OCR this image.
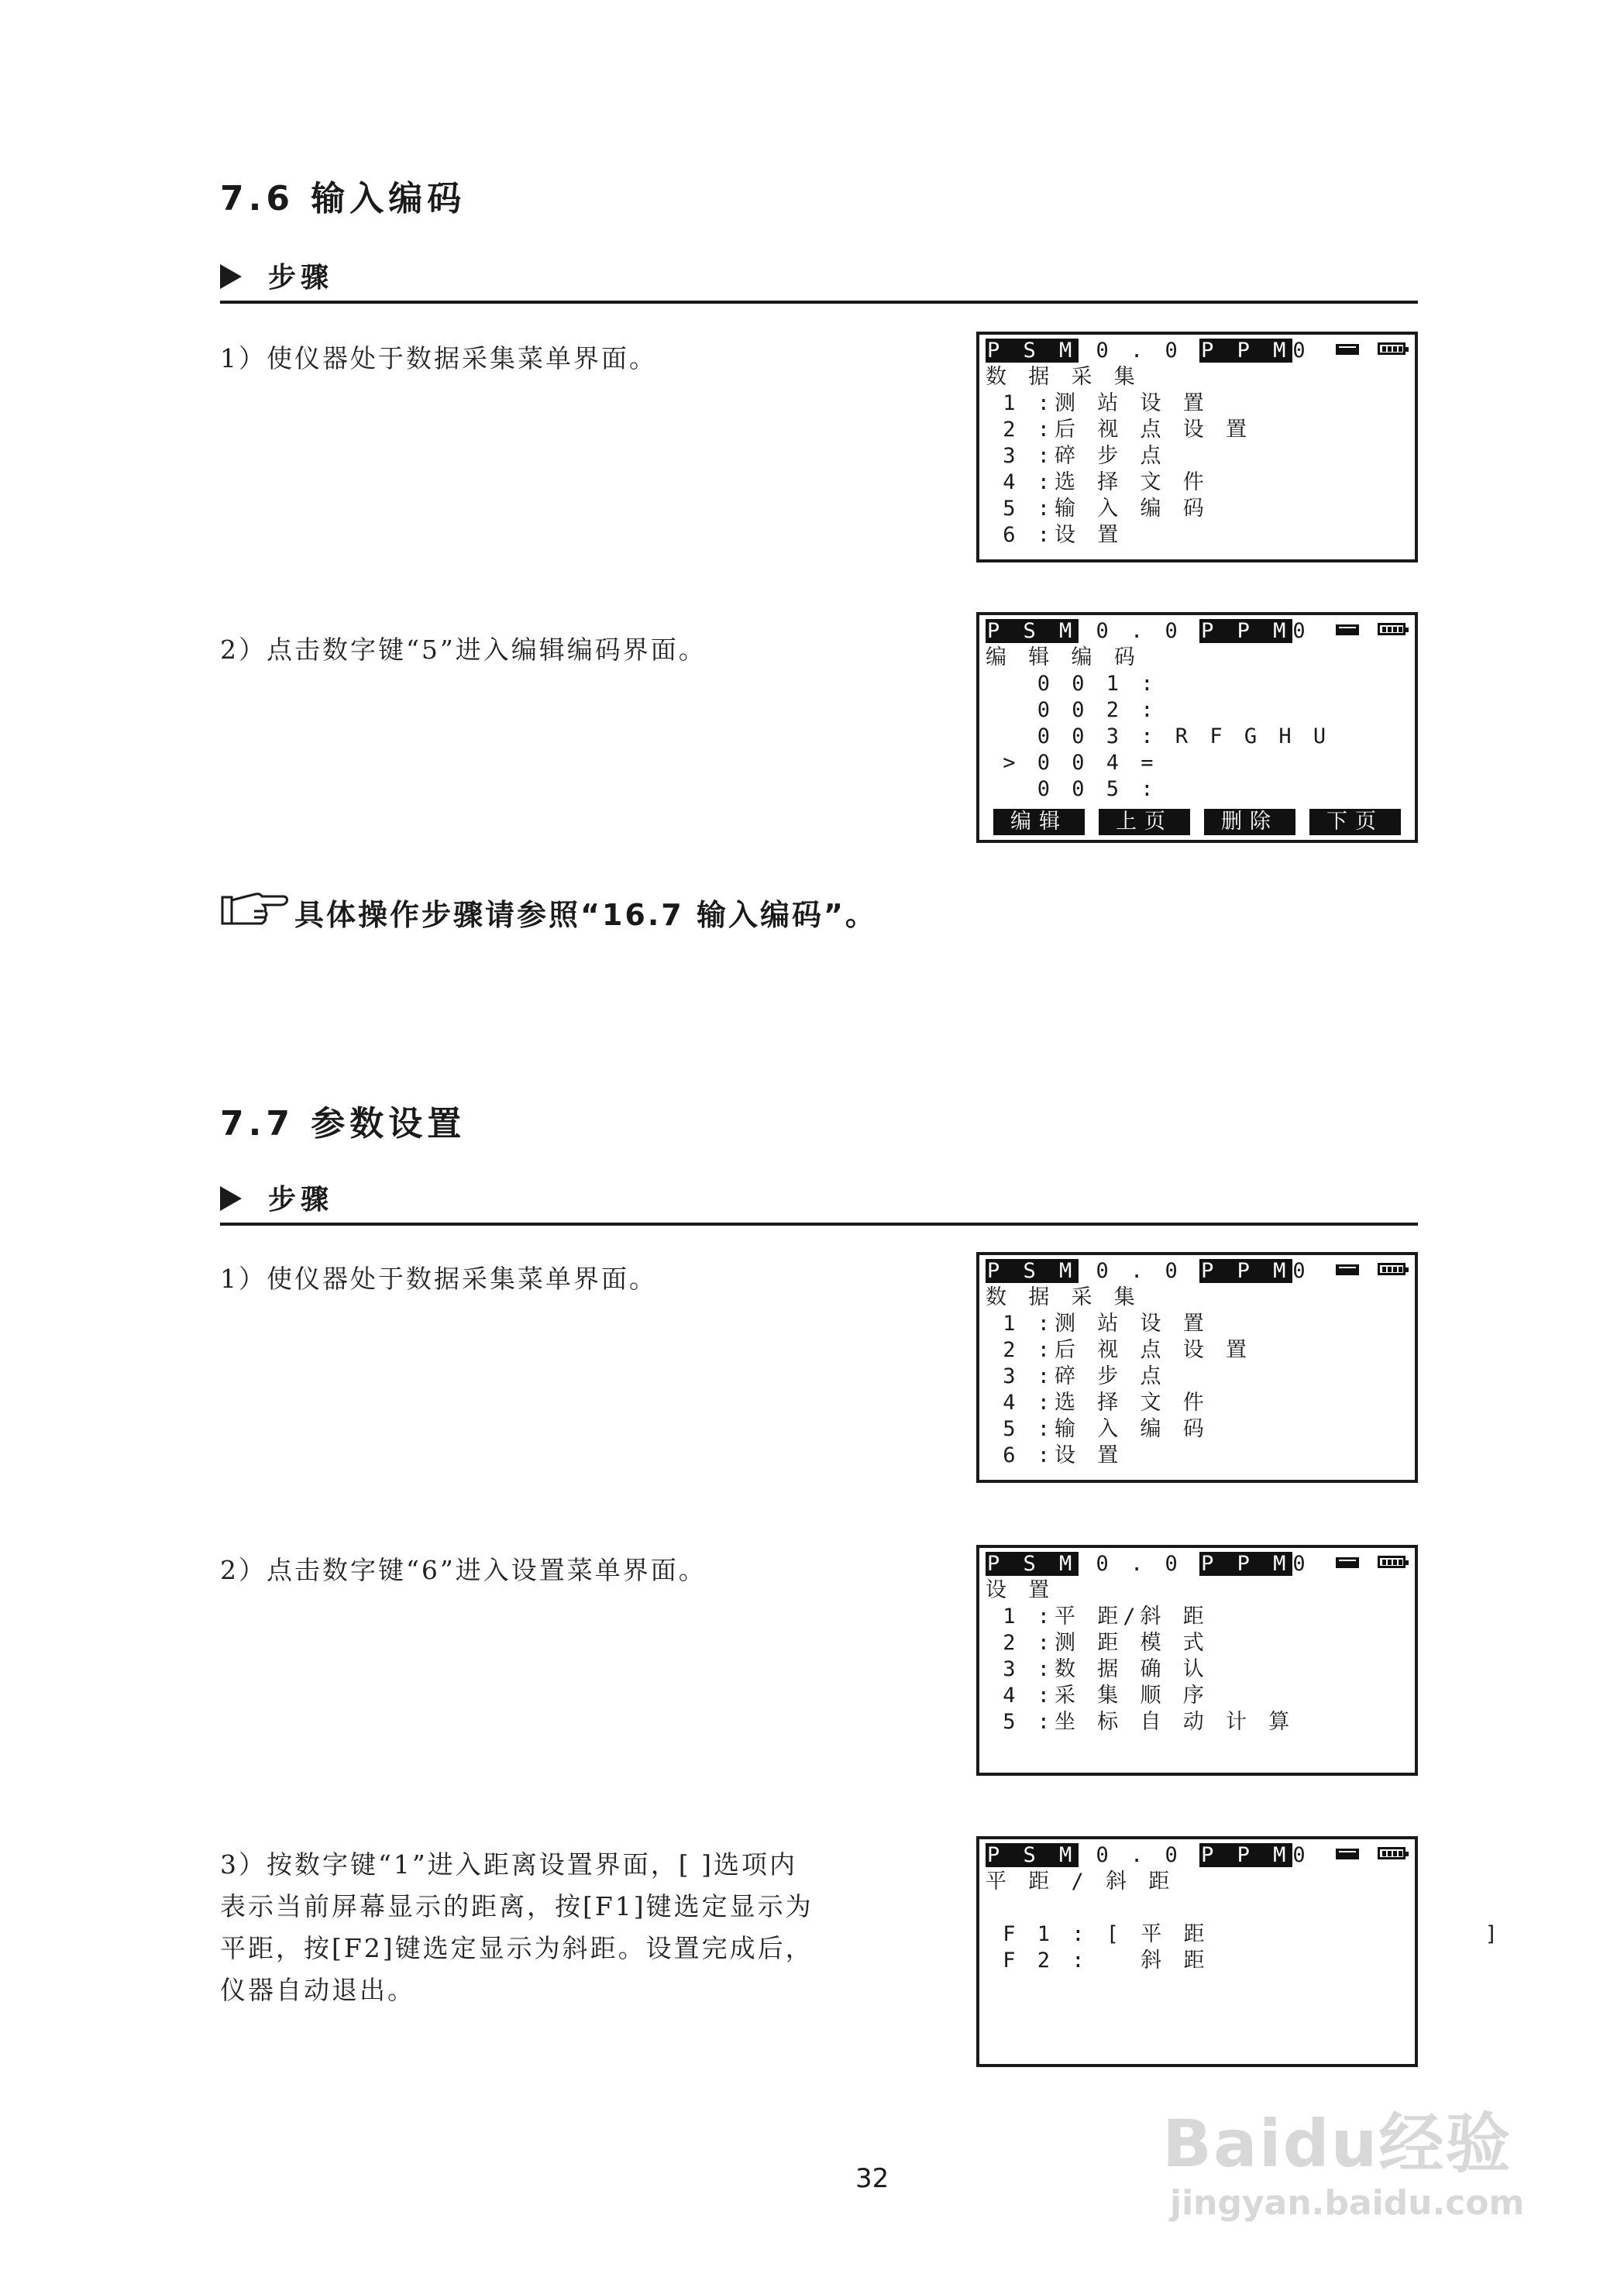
7.6 输入编码
步骤
1）使仪器处于数据采集菜单界面。
2）点击数字键“5”进入编辑编码界面。
P S M 0 . 0 P P M0
数 据 采 集
1 :测 站 设 置
2 :后 视 点 设 置
3 :碎 步 点
4 :选 择 文 件
5 :输 入 编 码
6 :设 置
P S M 0 . 0 P P M0
编 辑 编 码
0 0 1 :
0 0 2 :
0 0 3 : R F G H U
> 0 0 4 =
0 0 5 :
编辑	上页	删除	下页
具体操作步骤请参照“16.7 输入编码”。
7.7 参数设置
步骤
1）使仪器处于数据采集菜单界面。
2）点击数字键“6”进入设置菜单界面。
3）按数字键“1”进入距离设置界面，[ ]选项内
表示当前屏幕显示的距离，按[F1]键选定显示为
平距，按[F2]键选定显示为斜距。设置完成后，
仪器自动退出。
P S M 0 . 0 P P M0
数 据 采 集
1 :测 站 设 置
2 :后 视 点 设 置
3 :碎 步 点
4 :选 择 文 件
5 :输 入 编 码
6 :设 置
P S M 0 . 0 P P M0
设 置
1 :平 距/斜 距
2 :测 距 模 式
3 :数 据 确 认
4 :采 集 顺 序
5 :坐 标 自 动 计 算
P S M 0 . 0 P P M0
平 距 / 斜 距
F 1 : [ 平 距                ]
F 2 :   斜 距
32	Baidu经验
jingyan.baidu.com
